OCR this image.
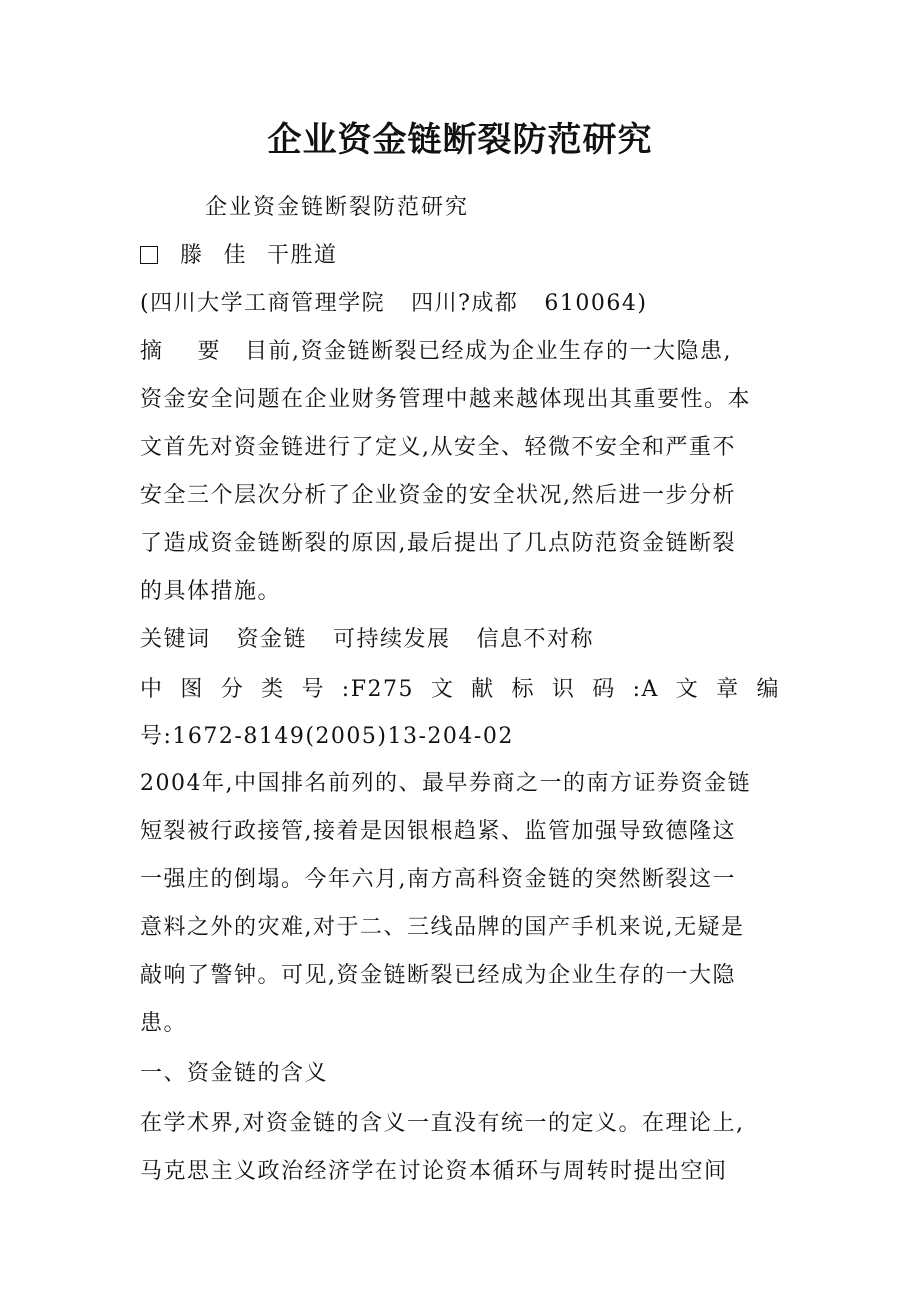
企业资金链断裂防范研究
企业资金链断裂防范研究
滕 佳 干胜道
(四川大学工商管理学院 四川?成都 610064)
摘    要 目前,资金链断裂已经成为企业生存的一大隐患,
资金安全问题在企业财务管理中越来越体现出其重要性。本
文首先对资金链进行了定义,从安全、轻微不安全和严重不
安全三个层次分析了企业资金的安全状况,然后进一步分析
了造成资金链断裂的原因,最后提出了几点防范资金链断裂
的具体措施。
关键词 资金链 可持续发展 信息不对称
中 图 分 类 号 :F275 文 献 标 识 码 :A 文 章 编
号:1672-8149(2005)13-204-02
2004年,中国排名前列的、最早券商之一的南方证券资金链
短裂被行政接管,接着是因银根趋紧、监管加强导致德隆这
一强庄的倒塌。今年六月,南方高科资金链的突然断裂这一
意料之外的灾难,对于二、三线品牌的国产手机来说,无疑是
敲响了警钟。可见,资金链断裂已经成为企业生存的一大隐
患。
一、资金链的含义
在学术界,对资金链的含义一直没有统一的定义。在理论上,
马克思主义政治经济学在讨论资本循环与周转时提出空间
